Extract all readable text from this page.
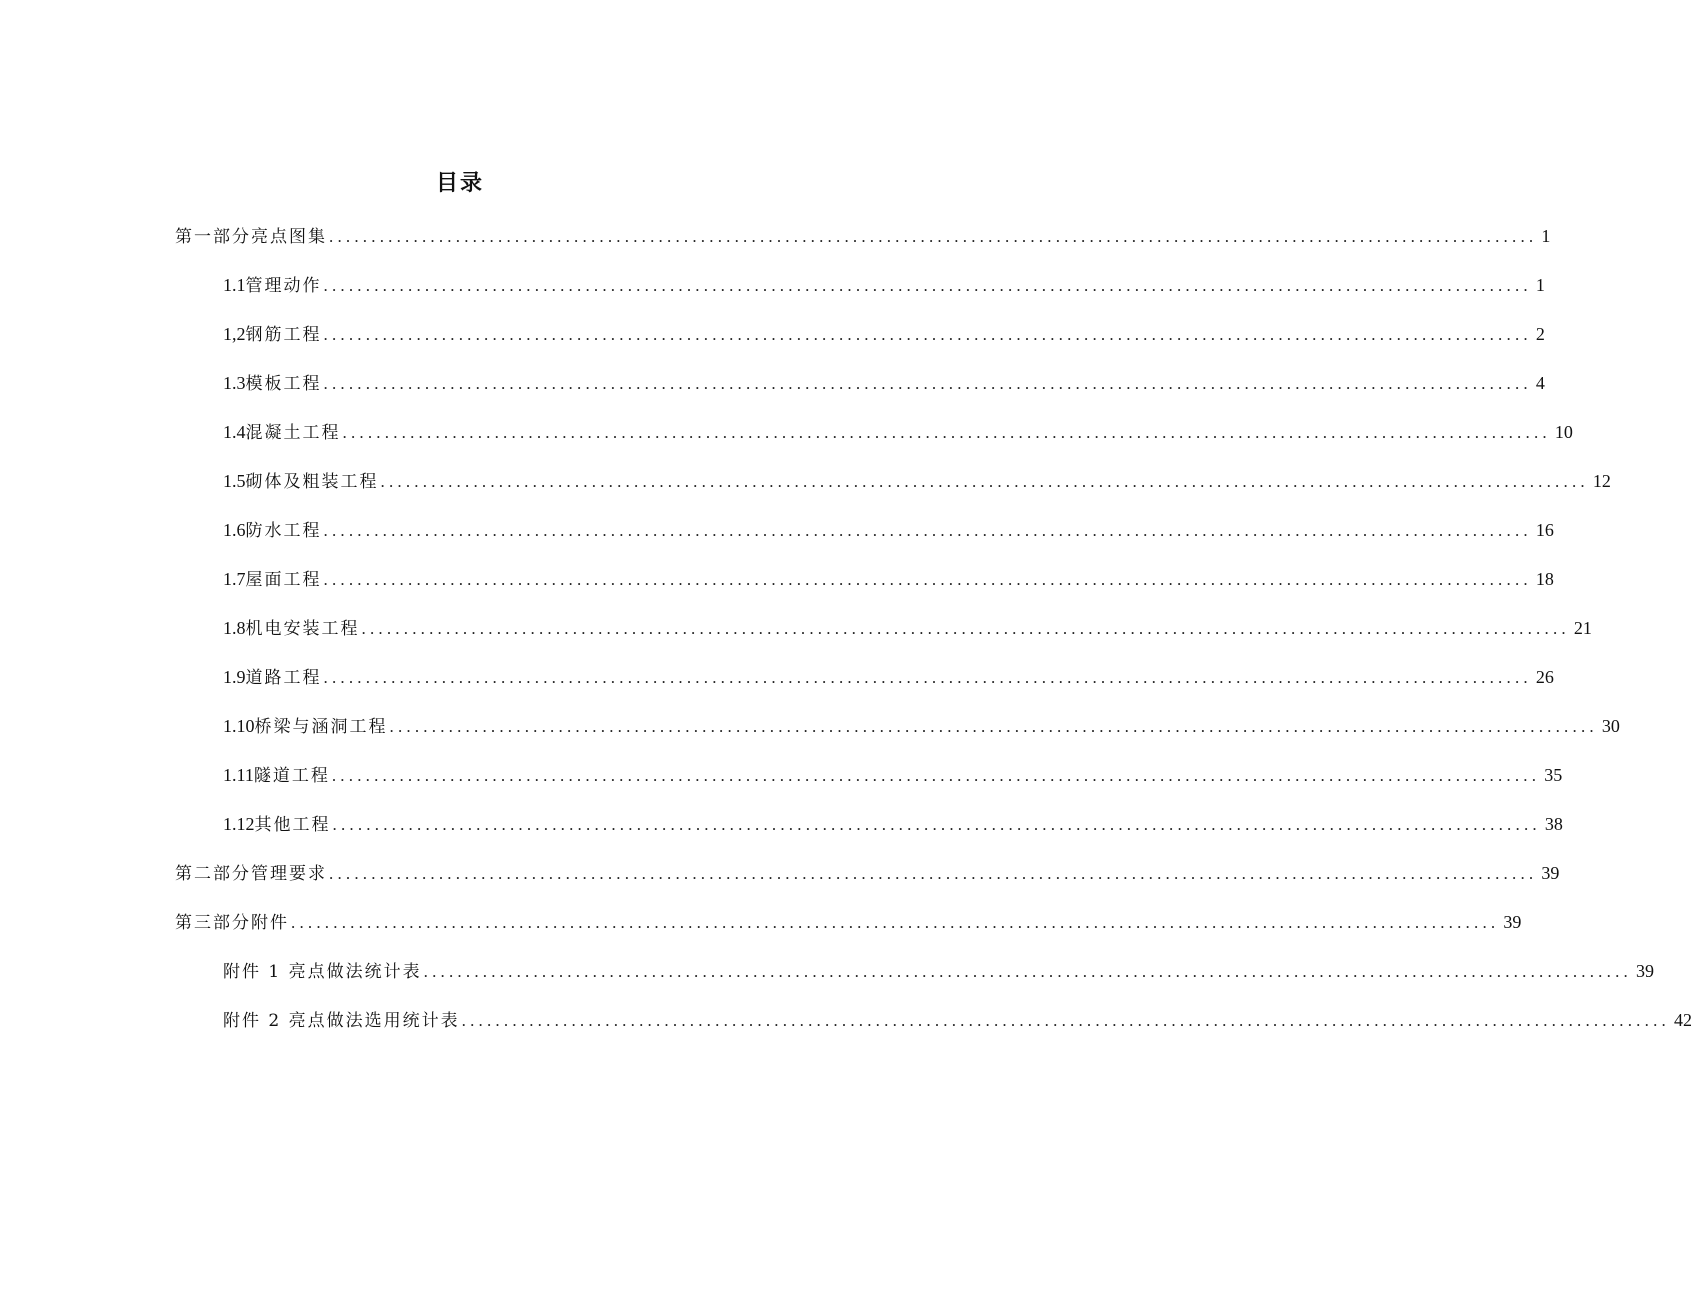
目录
第一部分亮点图集 ............................................................................................................................................... 1
1.1 管理动作 ............................................................................................................................................... 1
1,2 钢筋工程 ............................................................................................................................................... 2
1.3 模板工程 ............................................................................................................................................... 4
1.4 混凝土工程 ............................................................................................................................................... 10
1.5 砌体及粗装工程 ............................................................................................................................................... 12
1.6 防水工程 ............................................................................................................................................... 16
1.7 屋面工程 ............................................................................................................................................... 18
1.8 机电安装工程 ............................................................................................................................................... 21
1.9 道路工程 ............................................................................................................................................... 26
1.10 桥梁与涵洞工程 ............................................................................................................................................... 30
1.11 隧道工程 ............................................................................................................................................... 35
1.12 其他工程 ............................................................................................................................................... 38
第二部分管理要求 ............................................................................................................................................... 39
第三部分附件 ............................................................................................................................................... 39
附件 1 亮点做法统计表 ............................................................................................................................................... 39
附件 2 亮点做法选用统计表 ............................................................................................................................................... 42
